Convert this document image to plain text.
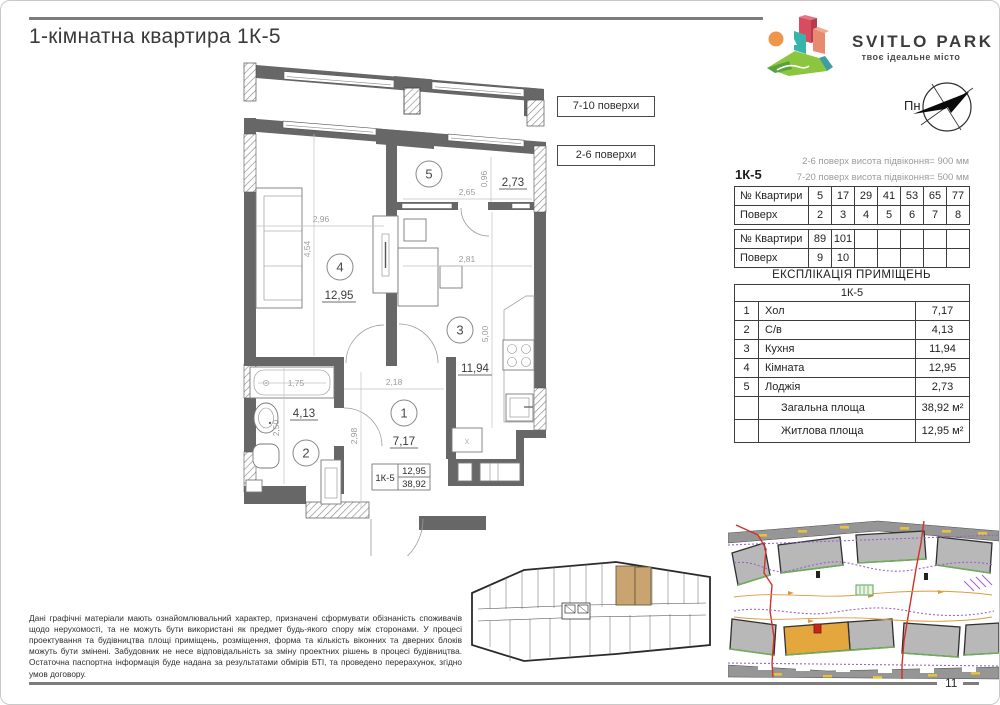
1-кімнатна квартира 1К-5	SVITLO PARK
твоє ідеальне місто
Пн
7-10 поверхи
2-6 поверхи
х
2,96
4,54
2,65
0,96
2,81
5,00
1,75	2,18
2,50	2,98
1
7,17
2
4,13
3
11,94
4
12,95
5
2,73
1К-5
12,95
38,92
2-6 поверх висота підвіконня= 900 мм
7-20 поверх висота підвіконня= 500 мм
1К-5
№ Квартири	5	17	29	41	53	65	77
Поверх	2	3	4	5	6	7	8
№ Квартири	89	101					
Поверх	9	10					
ЕКСПЛІКАЦІЯ ПРИМІЩЕНЬ
1К-5		
1	Хол	7,17
2	С/в	4,13
3	Кухня	11,94
4	Кімната	12,95
5	Лоджія	2,73
	Загальна площа	38,92 м²
	Житлова площа	12,95 м²
Дані графічні матеріали мають ознайомлювальний характер, призначені сформувати обізнаність споживачів щодо нерухомості, та не можуть бути використані як предмет будь-якого спору між сторонами. У процесі проектування та будівництва площі приміщень, розміщення, форма та кількість віконних та дверних блоків можуть бути змінені. Забудовник не несе відповідальність за зміну проектних рішень в процесі будівництва. Остаточна паспортна інформація буде надана за результатами обмірів БТІ, та проведено перерахунок, згідно умов договору.
11
